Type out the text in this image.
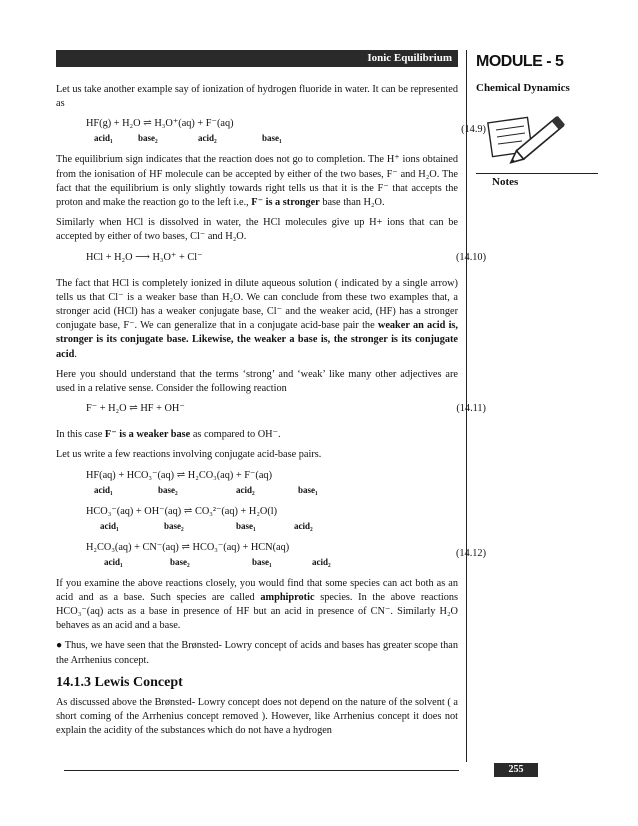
Ionic Equilibrium	MODULE - 5
Chemical Dynamics
Notes

Let us take another example say of ionization of hydrogen fluoride in water. It can be represented as

HF(g) + H₂O ⇌ H₃O⁺(aq) + F⁻(aq)
acid₁	base₂	acid₂	base₁
(14.9)

The equilibrium sign indicates that the reaction does not go to completion. The H⁺ ions obtained from the ionisation of HF molecule can be accepted by either of the two bases, F⁻ and H₂O. The fact that the equilibrium is only slightly towards right tells us that it is the F⁻ that accepts the proton and make the reaction go to the left i.e., F⁻ is a stronger base than H₂O.

Similarly when HCl is dissolved in water, the HCl molecules give up H+ ions that can be accepted by either of two bases, Cl⁻ and H₂O.

HCl + H₂O ⟶ H₃O⁺ + Cl⁻	(14.10)

The fact that HCl is completely ionized in dilute aqueous solution ( indicated by a single arrow) tells us that Cl⁻ is a weaker base than H₂O. We can conclude from these two examples that, a stronger acid (HCl) has a weaker conjugate base, Cl⁻ and the weaker acid, (HF) has a stronger conjugate base, F⁻. We can generalize that in a conjugate acid-base pair the weaker an acid is, stronger is its conjugate base. Likewise, the weaker a base is, the stronger is its conjugate acid.

Here you should understand that the terms ‘strong’ and ‘weak’ like many other adjectives are used in a relative sense. Consider the following reaction

F⁻ + H₂O ⇌ HF + OH⁻	(14.11)

In this case F⁻ is a weaker base as compared to OH⁻.

Let us write a few reactions involving conjugate acid-base pairs.

HF(aq) + HCO₃⁻(aq) ⇌ H₂CO₃(aq) + F⁻(aq)
acid₁	base₂	acid₂	base₁
HCO₃⁻(aq) + OH⁻(aq) ⇌ CO₃²⁻(aq) + H₂O(l)
acid₁	base₂	base₁	acid₂
H₂CO₃(aq) + CN⁻(aq) ⇌ HCO₃⁻(aq) + HCN(aq)
acid₁	base₂	base₁	acid₂
(14.12)

If you examine the above reactions closely, you would find that some species can act both as an acid and as a base. Such species are called amphiprotic species. In the above reactions HCO₃⁻(aq) acts as a base in presence of HF but an acid in presence of CN⁻. Similarly H₂O behaves as an acid and a base.

● Thus, we have seen that the Brønsted- Lowry concept of acids and bases has greater scope than the Arrhenius concept.

14.1.3 Lewis Concept

As discussed above the Brønsted- Lowry concept does not depend on the nature of the solvent ( a short coming of the Arrhenius concept removed ). However, like Arrhenius concept it does not explain the acidity of the substances which do not have a hydrogen

255
